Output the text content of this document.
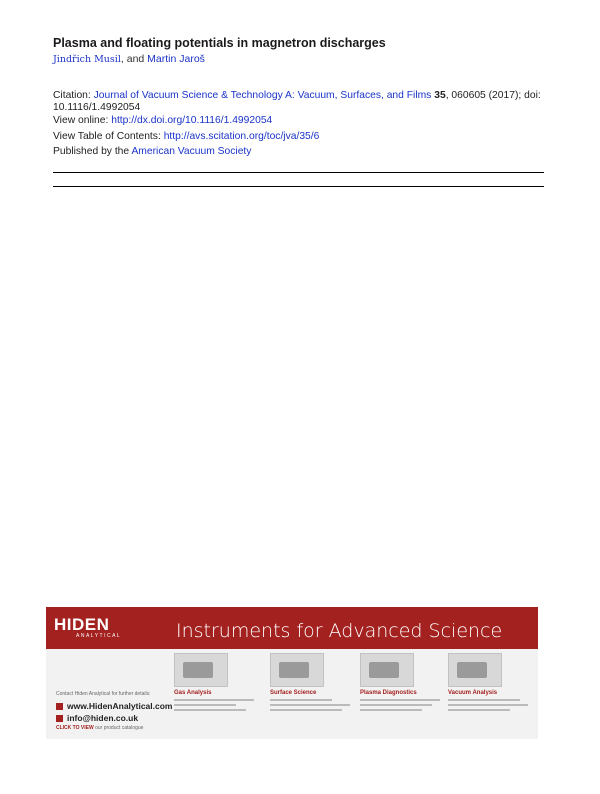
Plasma and floating potentials in magnetron discharges
Jindřich Musil, and Martin Jaroš
Citation: Journal of Vacuum Science & Technology A: Vacuum, Surfaces, and Films 35, 060605 (2017); doi: 10.1116/1.4992054
View online: http://dx.doi.org/10.1116/1.4992054
View Table of Contents: http://avs.scitation.org/toc/jva/35/6
Published by the American Vacuum Society
HIDEN
ANALYTICAL	Instruments for Advanced Science
Contact Hiden Analytical for further details:
www.HidenAnalytical.com
info@hiden.co.uk
CLICK TO VIEW our product catalogue
Gas Analysis	Surface Science	Plasma Diagnostics	Vacuum Analysis
